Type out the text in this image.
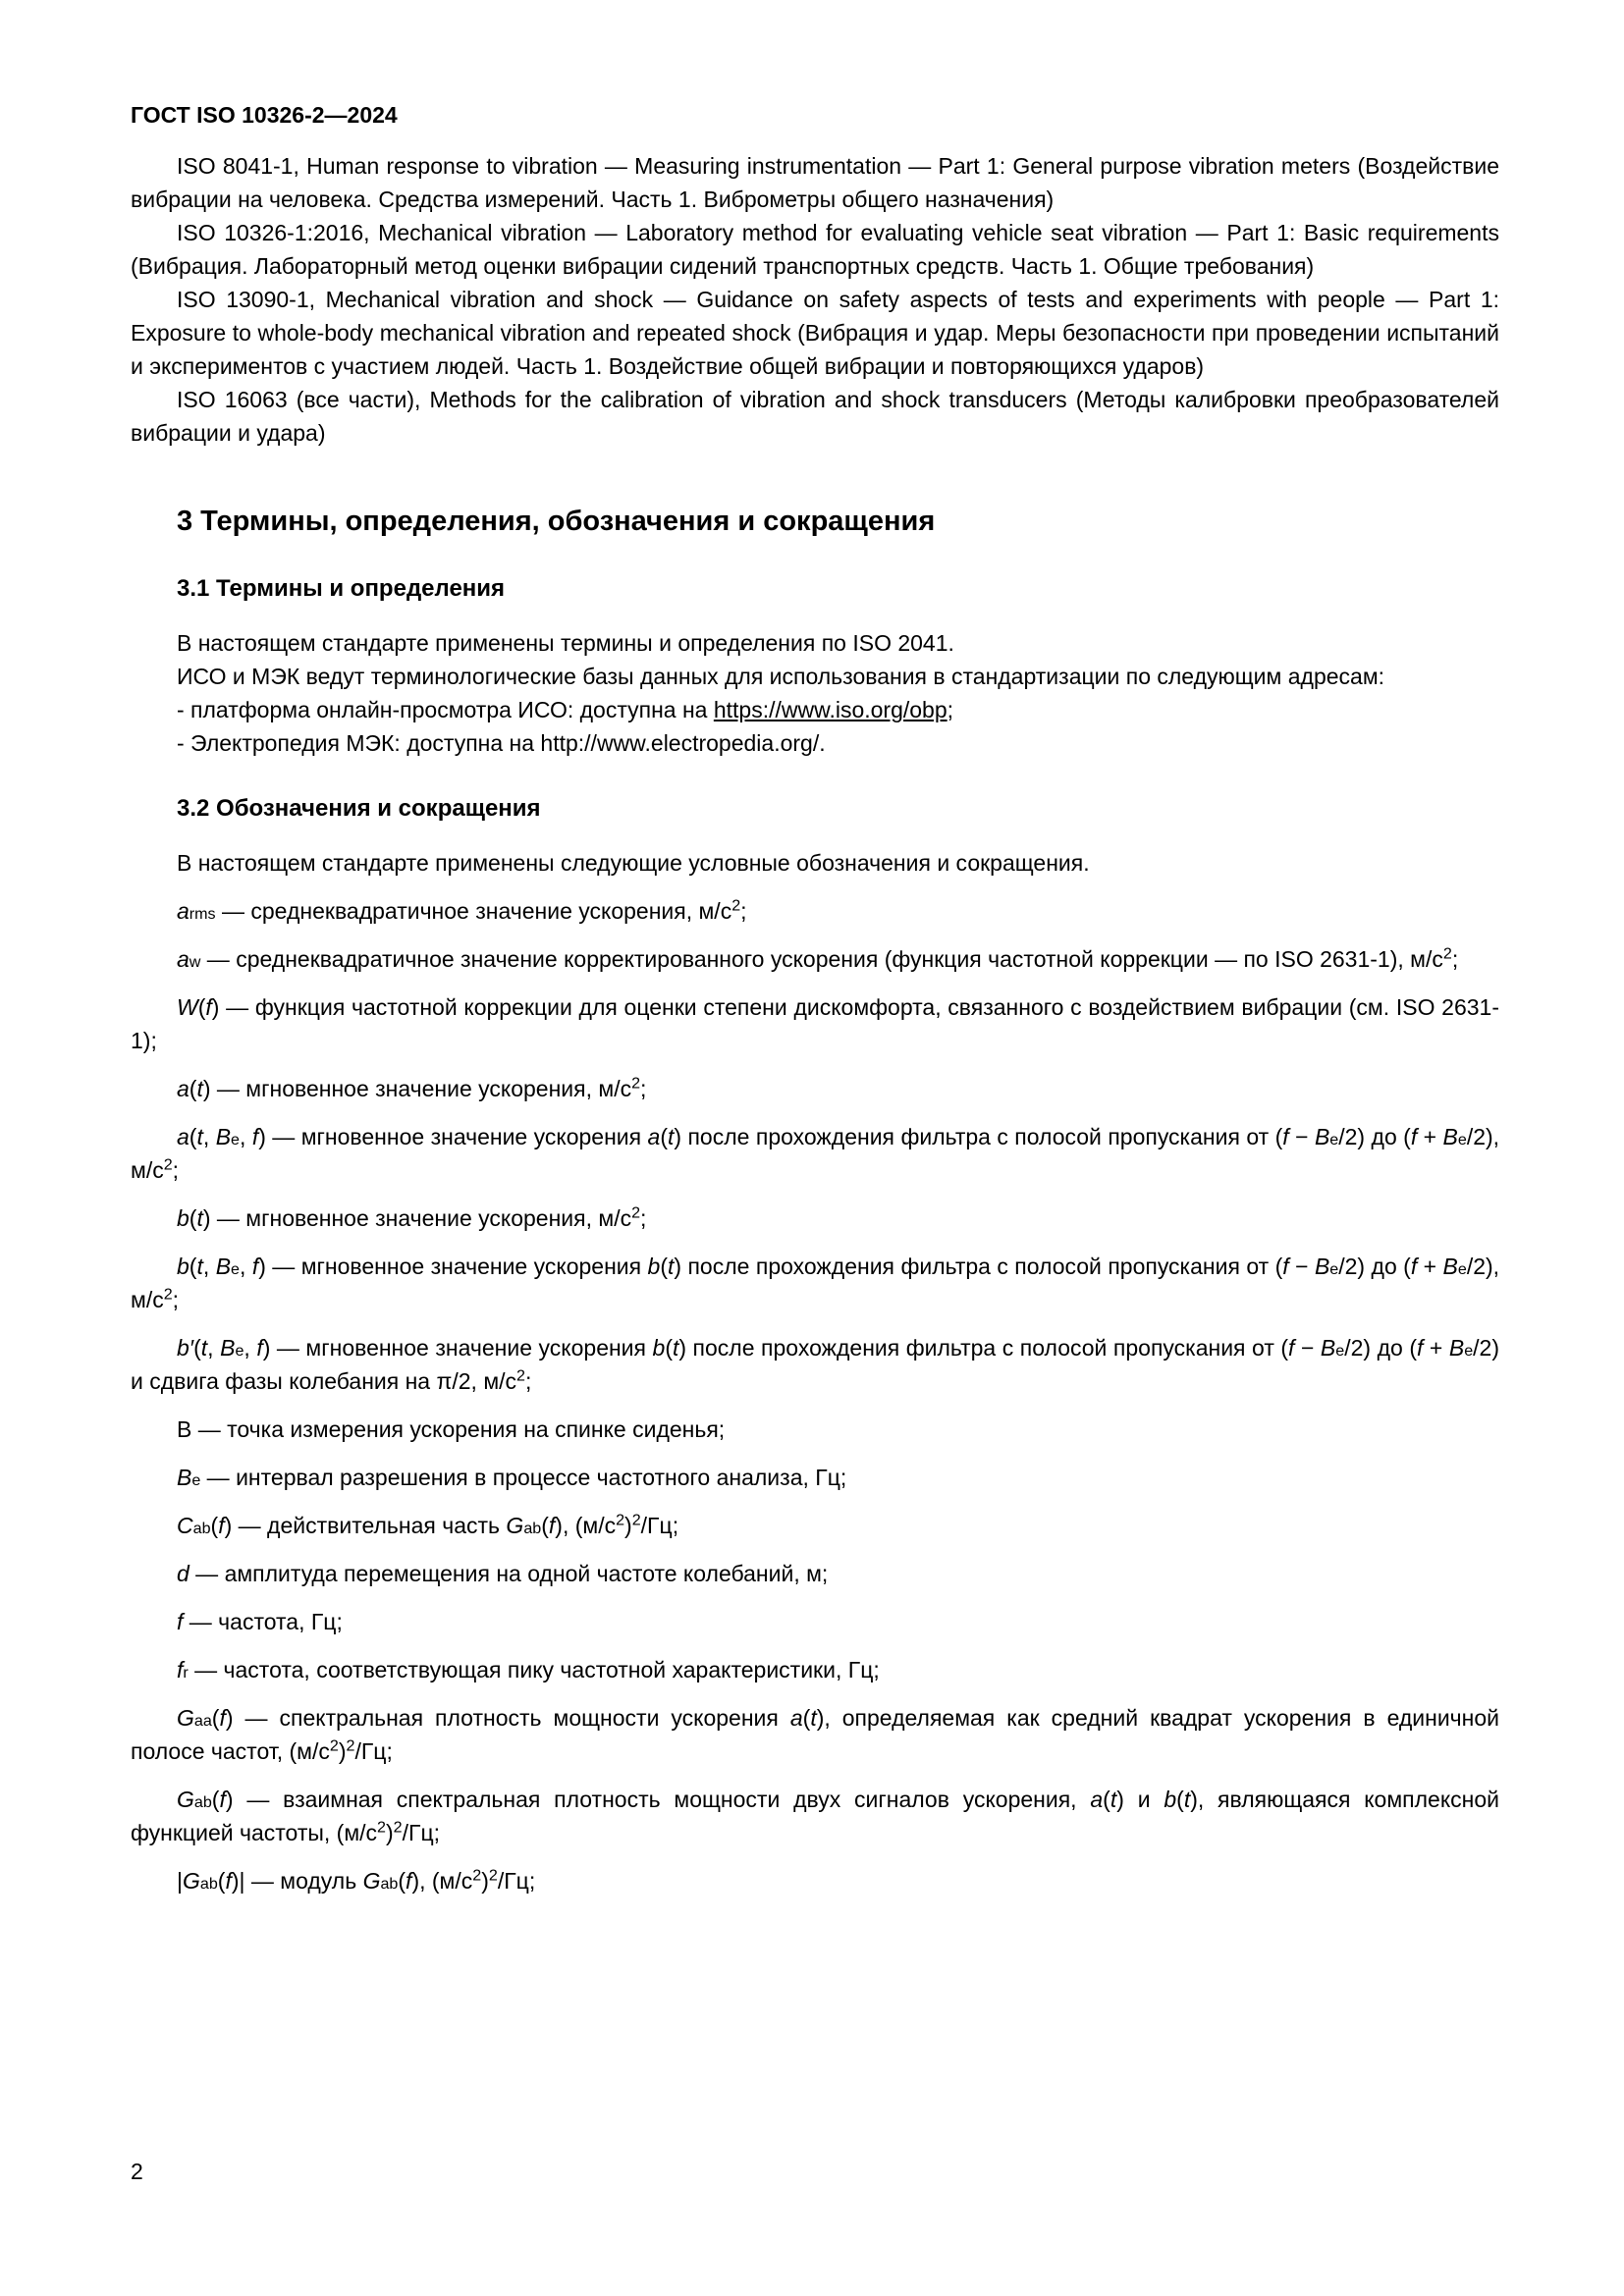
ГОСТ ISO 10326-2—2024

ISO 8041-1, Human response to vibration — Measuring instrumentation — Part 1: General purpose vibration meters (Воздействие вибрации на человека. Средства измерений. Часть 1. Виброметры общего назначения)

ISO 10326-1:2016, Mechanical vibration — Laboratory method for evaluating vehicle seat vibration — Part 1: Basic requirements (Вибрация. Лабораторный метод оценки вибрации сидений транспортных средств. Часть 1. Общие требования)

ISO 13090-1, Mechanical vibration and shock — Guidance on safety aspects of tests and experiments with people — Part 1: Exposure to whole-body mechanical vibration and repeated shock (Вибрация и удар. Меры безопасности при проведении испытаний и экспериментов с участием людей. Часть 1. Воздействие общей вибрации и повторяющихся ударов)

ISO 16063 (все части), Methods for the calibration of vibration and shock transducers (Методы калибровки преобразователей вибрации и удара)

3 Термины, определения, обозначения и сокращения
3.1 Термины и определения

В настоящем стандарте применены термины и определения по ISO 2041.

ИСО и МЭК ведут терминологические базы данных для использования в стандартизации по следующим адресам:

- платформа онлайн-просмотра ИСО: доступна на https://www.iso.org/obp;

- Электропедия МЭК: доступна на http://www.electropedia.org/.

3.2 Обозначения и сокращения

В настоящем стандарте применены следующие условные обозначения и сокращения.

$a_{rms}$ — среднеквадратичное значение ускорения, $м/с^2$;

$a_w$ — среднеквадратичное значение корректированного ускорения (функция частотной коррекции — по ISO 2631-1), $м/с^2$;

W(f) — функция частотной коррекции для оценки степени дискомфорта, связанного с воздействием вибрации (см. ISO 2631-1);

a(t) — мгновенное значение ускорения, $м/с^2$;

a(t, $B_e$, f) — мгновенное значение ускорения a(t) после прохождения фильтра с полосой пропускания от $(f - B_e/2)$ до $(f + B_e/2)$, $м/с^2$;

b(t) — мгновенное значение ускорения, $м/с^2$;

b(t, $B_e$, f) — мгновенное значение ускорения b(t) после прохождения фильтра с полосой пропускания от $(f - B_e/2)$ до $(f + B_e/2)$, $м/с^2$;

b′(t, $B_e$, f) — мгновенное значение ускорения b(t) после прохождения фильтра с полосой пропускания от $(f - B_e/2)$ до $(f + B_e/2)$ и сдвига фазы колебания на π/2, $м/с^2$;

В — точка измерения ускорения на спинке сиденья;

$B_e$ — интервал разрешения в процессе частотного анализа, Гц;

$C_{ab}(f)$ — действительная часть $G_{ab}(f)$, $(м/с^2)^2/Гц$;

d — амплитуда перемещения на одной частоте колебаний, м;

f — частота, Гц;

$f_r$ — частота, соответствующая пику частотной характеристики, Гц;

$G_{aa}(f)$ — спектральная плотность мощности ускорения a(t), определяемая как средний квадрат ускорения в единичной полосе частот, $(м/с^2)^2/Гц$;

$G_{ab}(f)$ — взаимная спектральная плотность мощности двух сигналов ускорения, a(t) и b(t), являющаяся комплексной функцией частоты, $(м/с^2)^2/Гц$;

$|G_{ab}(f)|$ — модуль $G_{ab}(f)$, $(м/с^2)^2/Гц$;

2
